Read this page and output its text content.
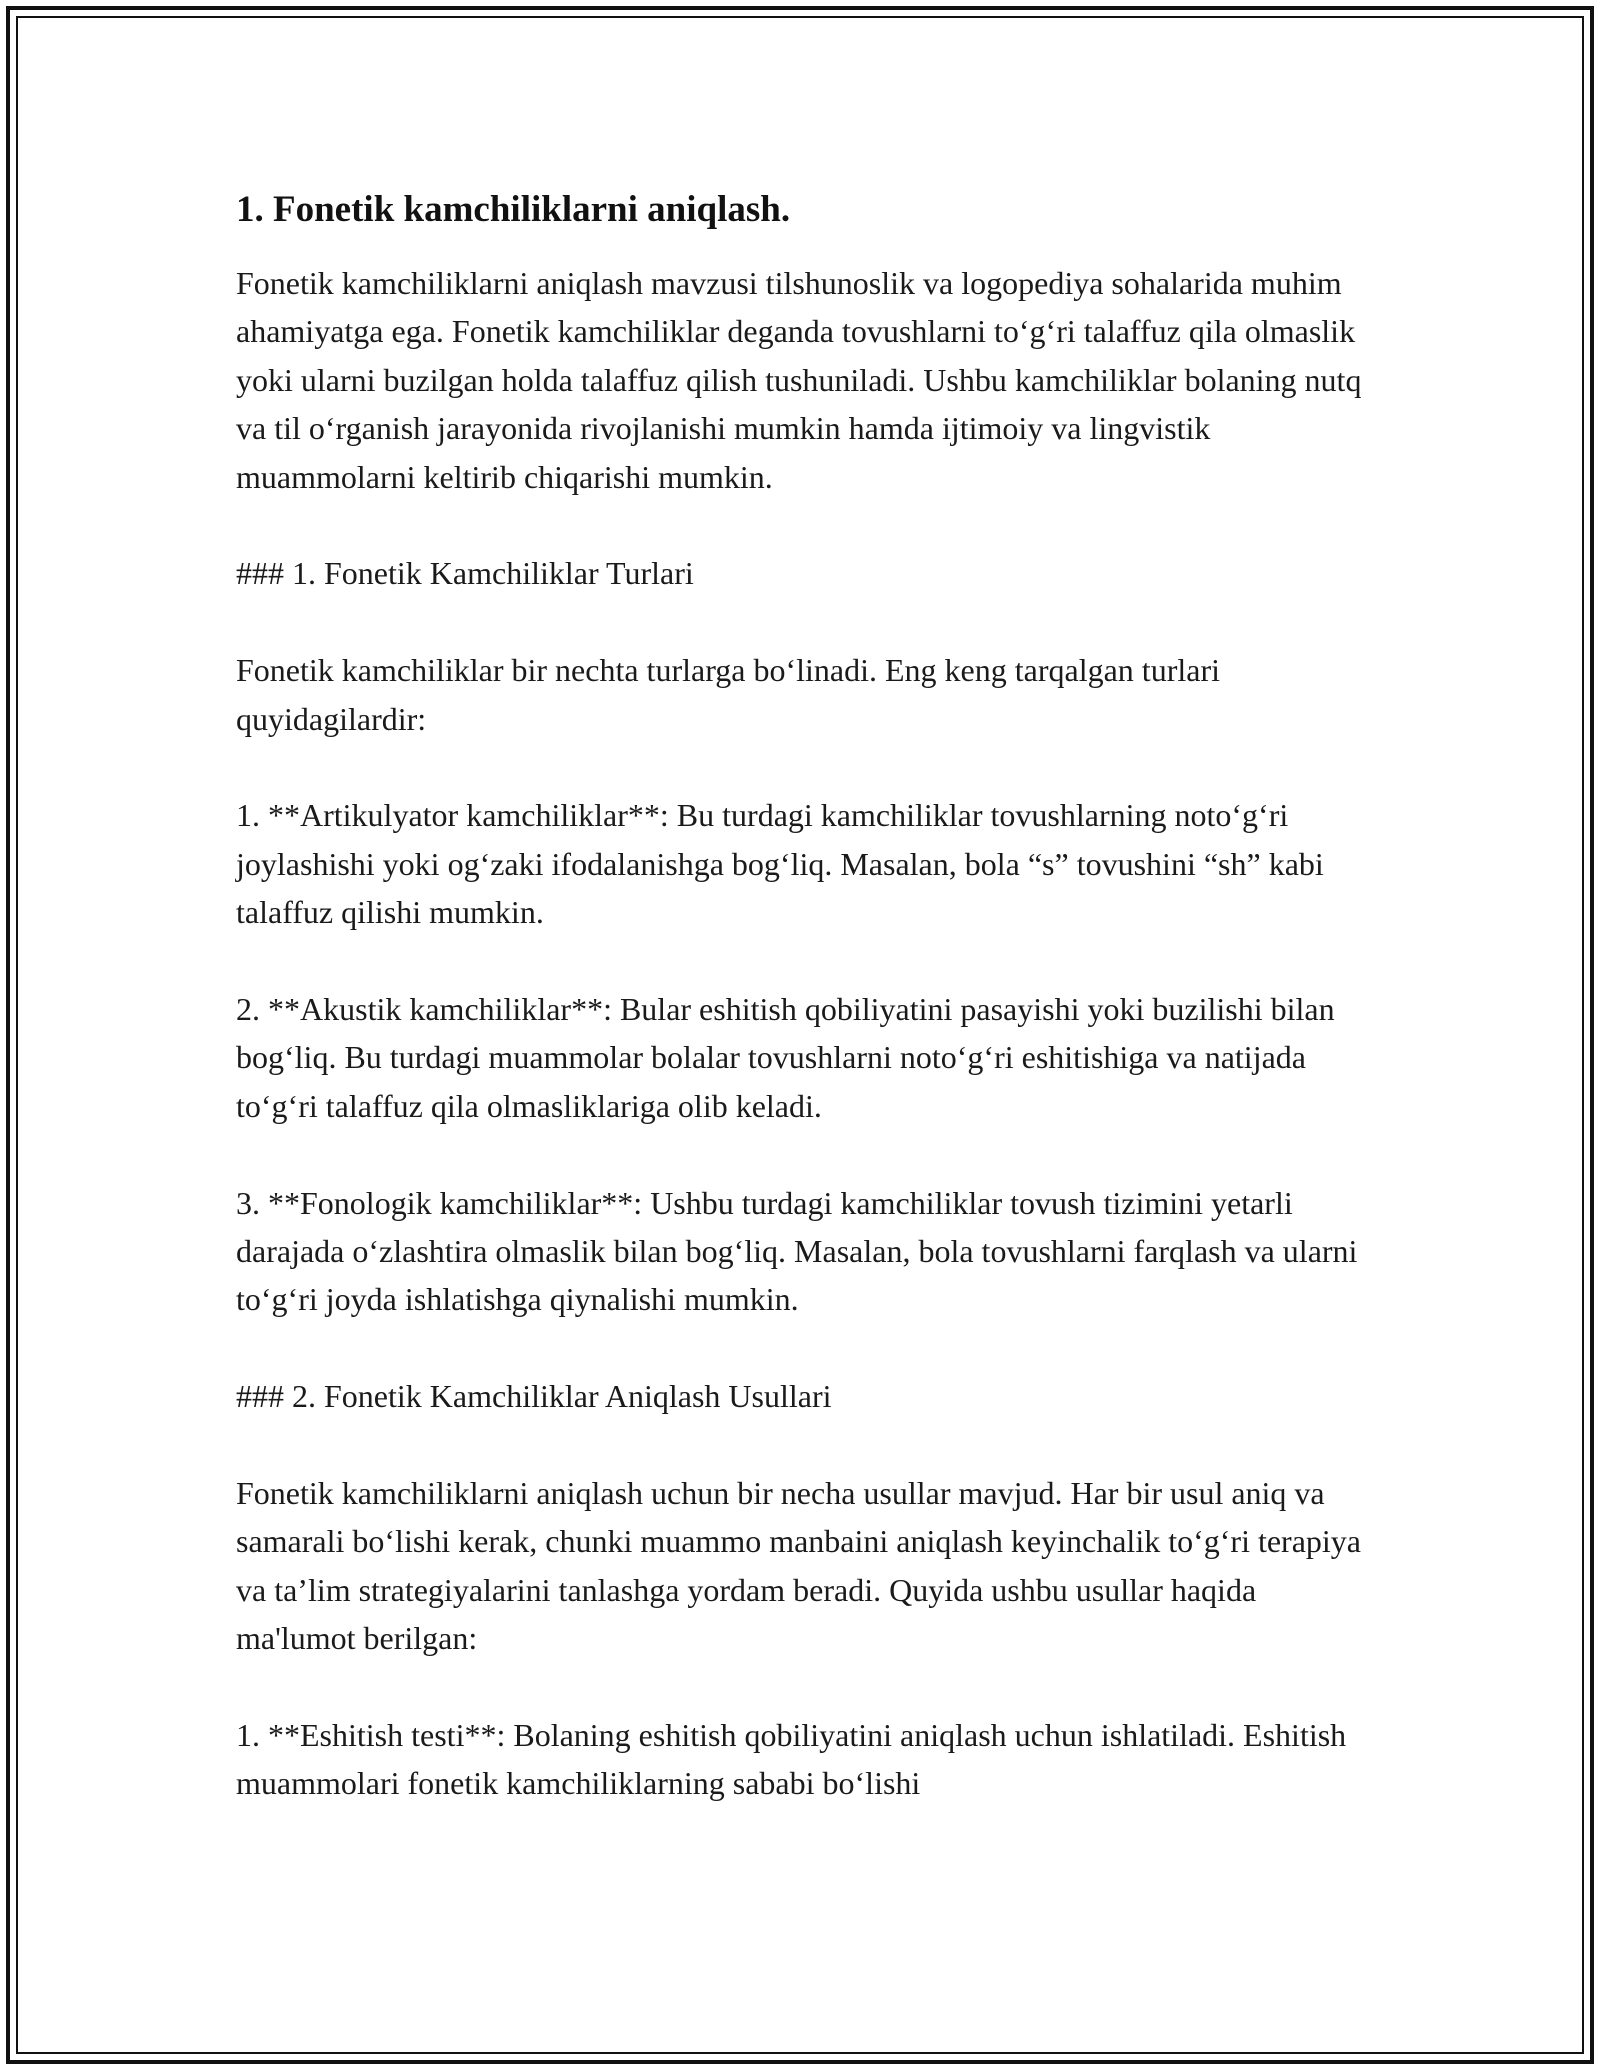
1. Fonetik kamchiliklarni aniqlash.

Fonetik kamchiliklarni aniqlash mavzusi tilshunoslik va logopediya sohalarida muhim ahamiyatga ega. Fonetik kamchiliklar deganda tovushlarni to‘g‘ri talaffuz qila olmaslik yoki ularni buzilgan holda talaffuz qilish tushuniladi. Ushbu kamchiliklar bolaning nutq va til o‘rganish jarayonida rivojlanishi mumkin hamda ijtimoiy va lingvistik muammolarni keltirib chiqarishi mumkin.

### 1. Fonetik Kamchiliklar Turlari

Fonetik kamchiliklar bir nechta turlarga bo‘linadi. Eng keng tarqalgan turlari quyidagilardir:

1. **Artikulyator kamchiliklar**: Bu turdagi kamchiliklar tovushlarning noto‘g‘ri joylashishi yoki og‘zaki ifodalanishga bog‘liq. Masalan, bola “s” tovushini “sh” kabi talaffuz qilishi mumkin.

2. **Akustik kamchiliklar**: Bular eshitish qobiliyatini pasayishi yoki buzilishi bilan bog‘liq. Bu turdagi muammolar bolalar tovushlarni noto‘g‘ri eshitishiga va natijada to‘g‘ri talaffuz qila olmasliklariga olib keladi.

3. **Fonologik kamchiliklar**: Ushbu turdagi kamchiliklar tovush tizimini yetarli darajada o‘zlashtira olmaslik bilan bog‘liq. Masalan, bola tovushlarni farqlash va ularni to‘g‘ri joyda ishlatishga qiynalishi mumkin.

### 2. Fonetik Kamchiliklar Aniqlash Usullari

Fonetik kamchiliklarni aniqlash uchun bir necha usullar mavjud. Har bir usul aniq va samarali bo‘lishi kerak, chunki muammo manbaini aniqlash keyinchalik to‘g‘ri terapiya va ta’lim strategiyalarini tanlashga yordam beradi. Quyida ushbu usullar haqida ma'lumot berilgan:

1. **Eshitish testi**: Bolaning eshitish qobiliyatini aniqlash uchun ishlatiladi. Eshitish muammolari fonetik kamchiliklarning sababi bo‘lishi
